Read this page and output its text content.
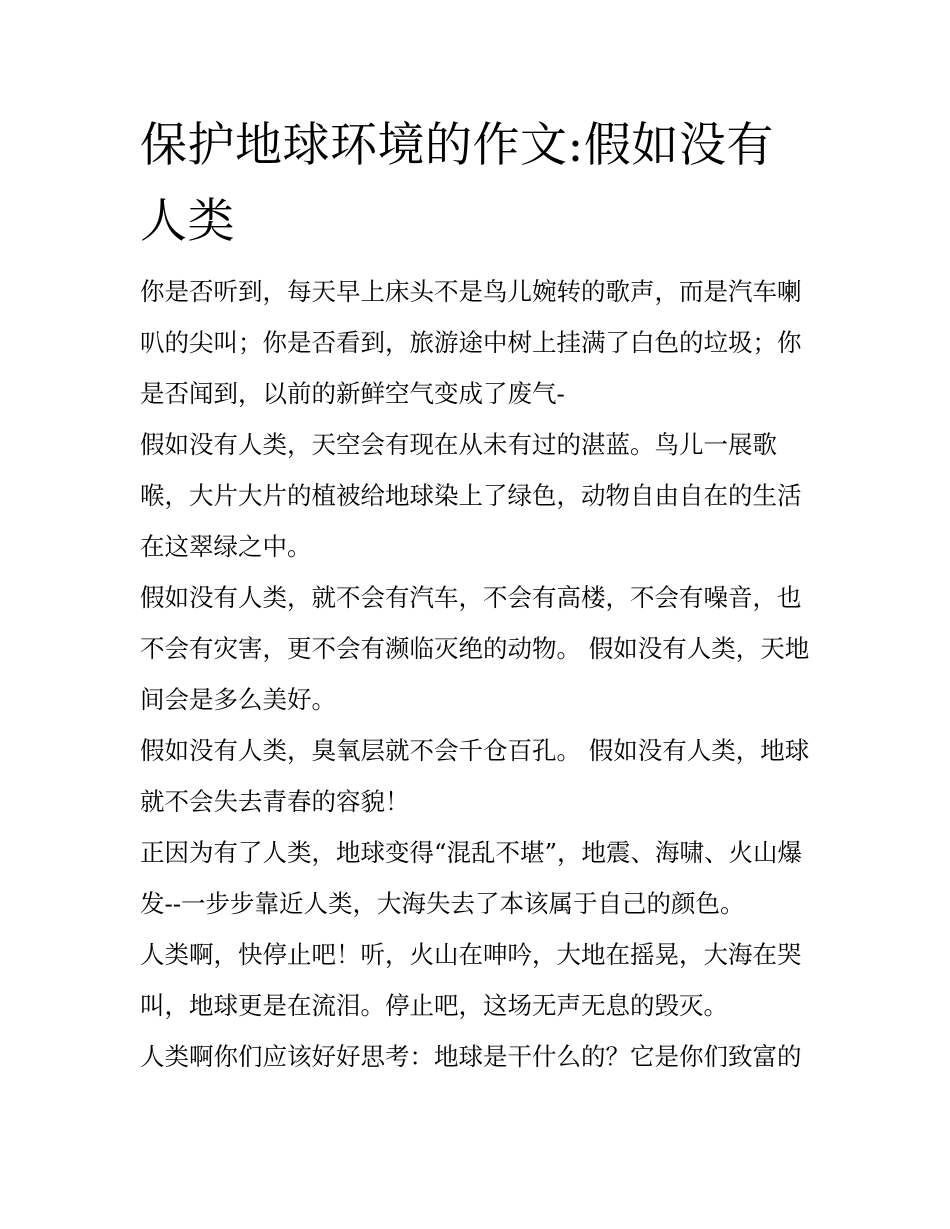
保护地球环境的作文:假如没有人类

你是否听到，每天早上床头不是鸟儿婉转的歌声，而是汽车喇叭的尖叫；你是否看到，旅游途中树上挂满了白色的垃圾；你是否闻到，以前的新鲜空气变成了废气-

假如没有人类，天空会有现在从未有过的湛蓝。鸟儿一展歌喉，大片大片的植被给地球染上了绿色，动物自由自在的生活在这翠绿之中。

假如没有人类，就不会有汽车，不会有高楼，不会有噪音，也不会有灾害，更不会有濒临灭绝的动物。 假如没有人类，天地间会是多么美好。

假如没有人类，臭氧层就不会千仓百孔。 假如没有人类，地球就不会失去青春的容貌！

正因为有了人类，地球变得“混乱不堪”，地震、海啸、火山爆发--一步步靠近人类，大海失去了本该属于自己的颜色。

人类啊，快停止吧！听，火山在呻吟，大地在摇晃，大海在哭叫，地球更是在流泪。停止吧，这场无声无息的毁灭。

人类啊你们应该好好思考：地球是干什么的？它是你们致富的
